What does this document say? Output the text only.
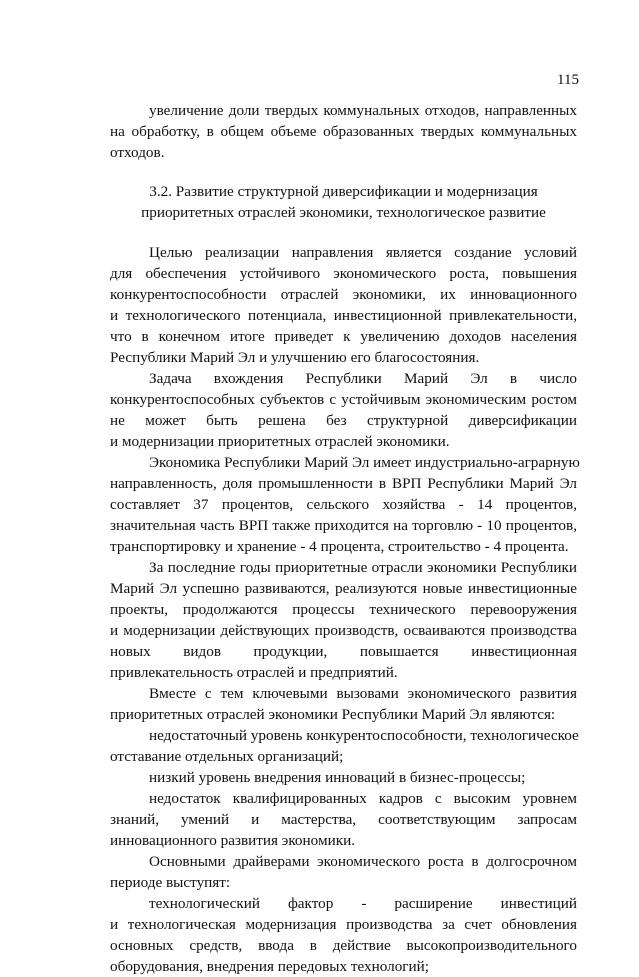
115
увеличение доли твердых коммунальных отходов, направленных
на обработку, в общем объеме образованных твердых коммунальных
отходов.
3.2. Развитие структурной диверсификации и модернизация
приоритетных отраслей экономики, технологическое развитие
Целью реализации направления является создание условий
для обеспечения устойчивого экономического роста, повышения
конкурентоспособности отраслей экономики, их инновационного
и технологического потенциала, инвестиционной привлекательности,
что в конечном итоге приведет к увеличению доходов населения
Республики Марий Эл и улучшению его благосостояния.
Задача вхождения Республики Марий Эл в число
конкурентоспособных субъектов с устойчивым экономическим ростом
не может быть решена без структурной диверсификации
и модернизации приоритетных отраслей экономики.
Экономика Республики Марий Эл имеет индустриально-аграрную
направленность, доля промышленности в ВРП Республики Марий Эл
составляет 37 процентов, сельского хозяйства - 14 процентов,
значительная часть ВРП также приходится на торговлю - 10 процентов,
транспортировку и хранение - 4 процента, строительство - 4 процента.
За последние годы приоритетные отрасли экономики Республики
Марий Эл успешно развиваются, реализуются новые инвестиционные
проекты, продолжаются процессы технического перевооружения
и модернизации действующих производств, осваиваются производства
новых видов продукции, повышается инвестиционная
привлекательность отраслей и предприятий.
Вместе с тем ключевыми вызовами экономического развития
приоритетных отраслей экономики Республики Марий Эл являются:
недостаточный уровень конкурентоспособности, технологическое
отставание отдельных организаций;
низкий уровень внедрения инноваций в бизнес-процессы;
недостаток квалифицированных кадров с высоким уровнем
знаний, умений и мастерства, соответствующим запросам
инновационного развития экономики.
Основными драйверами экономического роста в долгосрочном
периоде выступят:
технологический фактор - расширение инвестиций
и технологическая модернизация производства за счет обновления
основных средств, ввода в действие высокопроизводительного
оборудования, внедрения передовых технологий;
